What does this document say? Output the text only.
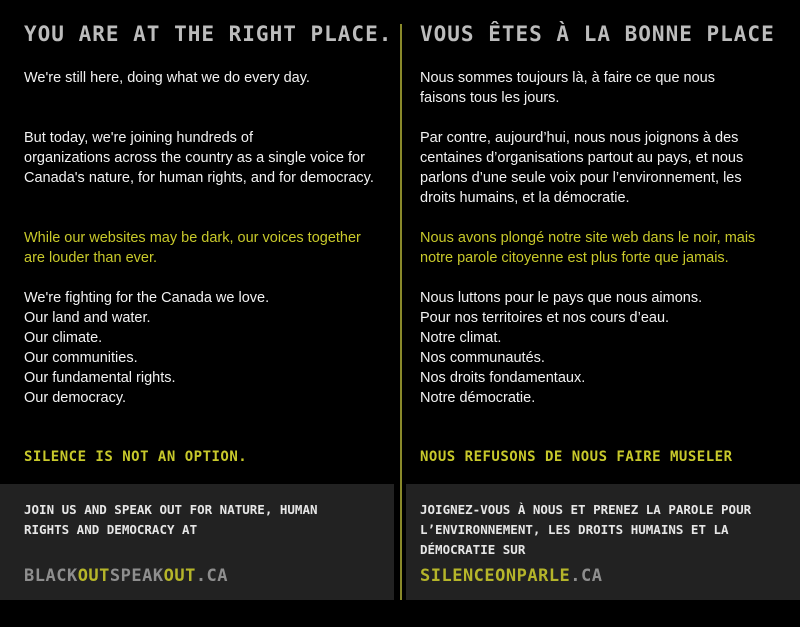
YOU ARE AT THE RIGHT PLACE.

We're still here, doing what we do every day.

But today, we're joining hundreds of
organizations across the country as a single voice for
Canada's nature, for human rights, and for democracy.

While our websites may be dark, our voices together
are louder than ever.

We're fighting for the Canada we love.
Our land and water.
Our climate.
Our communities.
Our fundamental rights.
Our democracy.

SILENCE IS NOT AN OPTION.
VOUS ÊTES À LA BONNE PLACE

Nous sommes toujours là, à faire ce que nous
faisons tous les jours.

Par contre, aujourd’hui, nous nous joignons à des
centaines d’organisations partout au pays, et nous
parlons d’une seule voix pour l’environnement, les
droits humains, et la démocratie.

Nous avons plongé notre site web dans le noir, mais
notre parole citoyenne est plus forte que jamais.

Nous luttons pour le pays que nous aimons.
Pour nos territoires et nos cours d’eau.
Notre climat.
Nos communautés.
Nos droits fondamentaux.
Notre démocratie.

NOUS REFUSONS DE NOUS FAIRE MUSELER
JOIN US AND SPEAK OUT FOR NATURE, HUMAN RIGHTS AND DEMOCRACY AT
BLACKOUTSPEAKOUT.CA
JOIGNEZ-VOUS À NOUS ET PRENEZ LA PAROLE POUR L’ENVIRONNEMENT, LES DROITS HUMAINS ET LA DÉMOCRATIE SUR
SILENCEONPARLE.CA
